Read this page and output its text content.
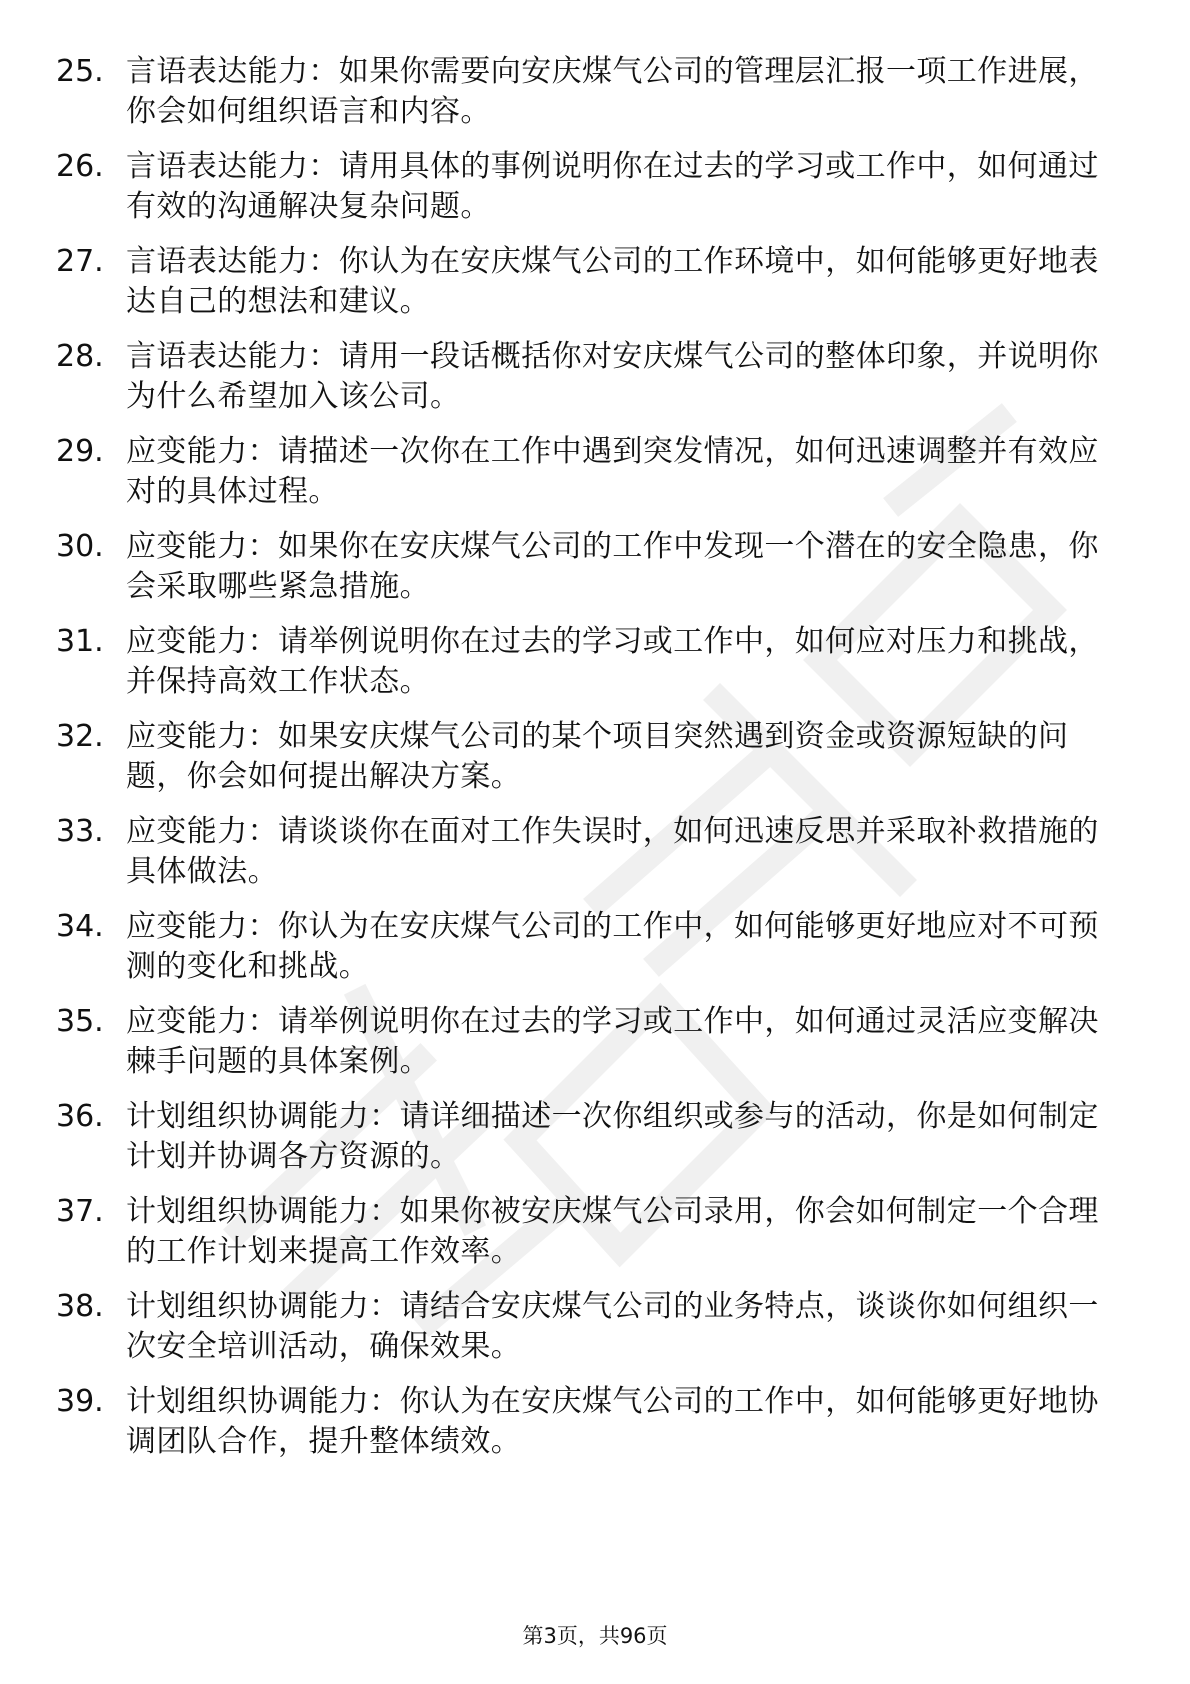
25. 言语表达能力：如果你需要向安庆煤气公司的管理层汇报一项工作进展，你会如何组织语言和内容。
26. 言语表达能力：请用具体的事例说明你在过去的学习或工作中，如何通过有效的沟通解决复杂问题。
27. 言语表达能力：你认为在安庆煤气公司的工作环境中，如何能够更好地表达自己的想法和建议。
28. 言语表达能力：请用一段话概括你对安庆煤气公司的整体印象，并说明你为什么希望加入该公司。
29. 应变能力：请描述一次你在工作中遇到突发情况，如何迅速调整并有效应对的具体过程。
30. 应变能力：如果你在安庆煤气公司的工作中发现一个潜在的安全隐患，你会采取哪些紧急措施。
31. 应变能力：请举例说明你在过去的学习或工作中，如何应对压力和挑战，并保持高效工作状态。
32. 应变能力：如果安庆煤气公司的某个项目突然遇到资金或资源短缺的问题，你会如何提出解决方案。
33. 应变能力：请谈谈你在面对工作失误时，如何迅速反思并采取补救措施的具体做法。
34. 应变能力：你认为在安庆煤气公司的工作中，如何能够更好地应对不可预测的变化和挑战。
35. 应变能力：请举例说明你在过去的学习或工作中，如何通过灵活应变解决棘手问题的具体案例。
36. 计划组织协调能力：请详细描述一次你组织或参与的活动，你是如何制定计划并协调各方资源的。
37. 计划组织协调能力：如果你被安庆煤气公司录用，你会如何制定一个合理的工作计划来提高工作效率。
38. 计划组织协调能力：请结合安庆煤气公司的业务特点，谈谈你如何组织一次安全培训活动，确保效果。
39. 计划组织协调能力：你认为在安庆煤气公司的工作中，如何能够更好地协调团队合作，提升整体绩效。
第3页，共96页
